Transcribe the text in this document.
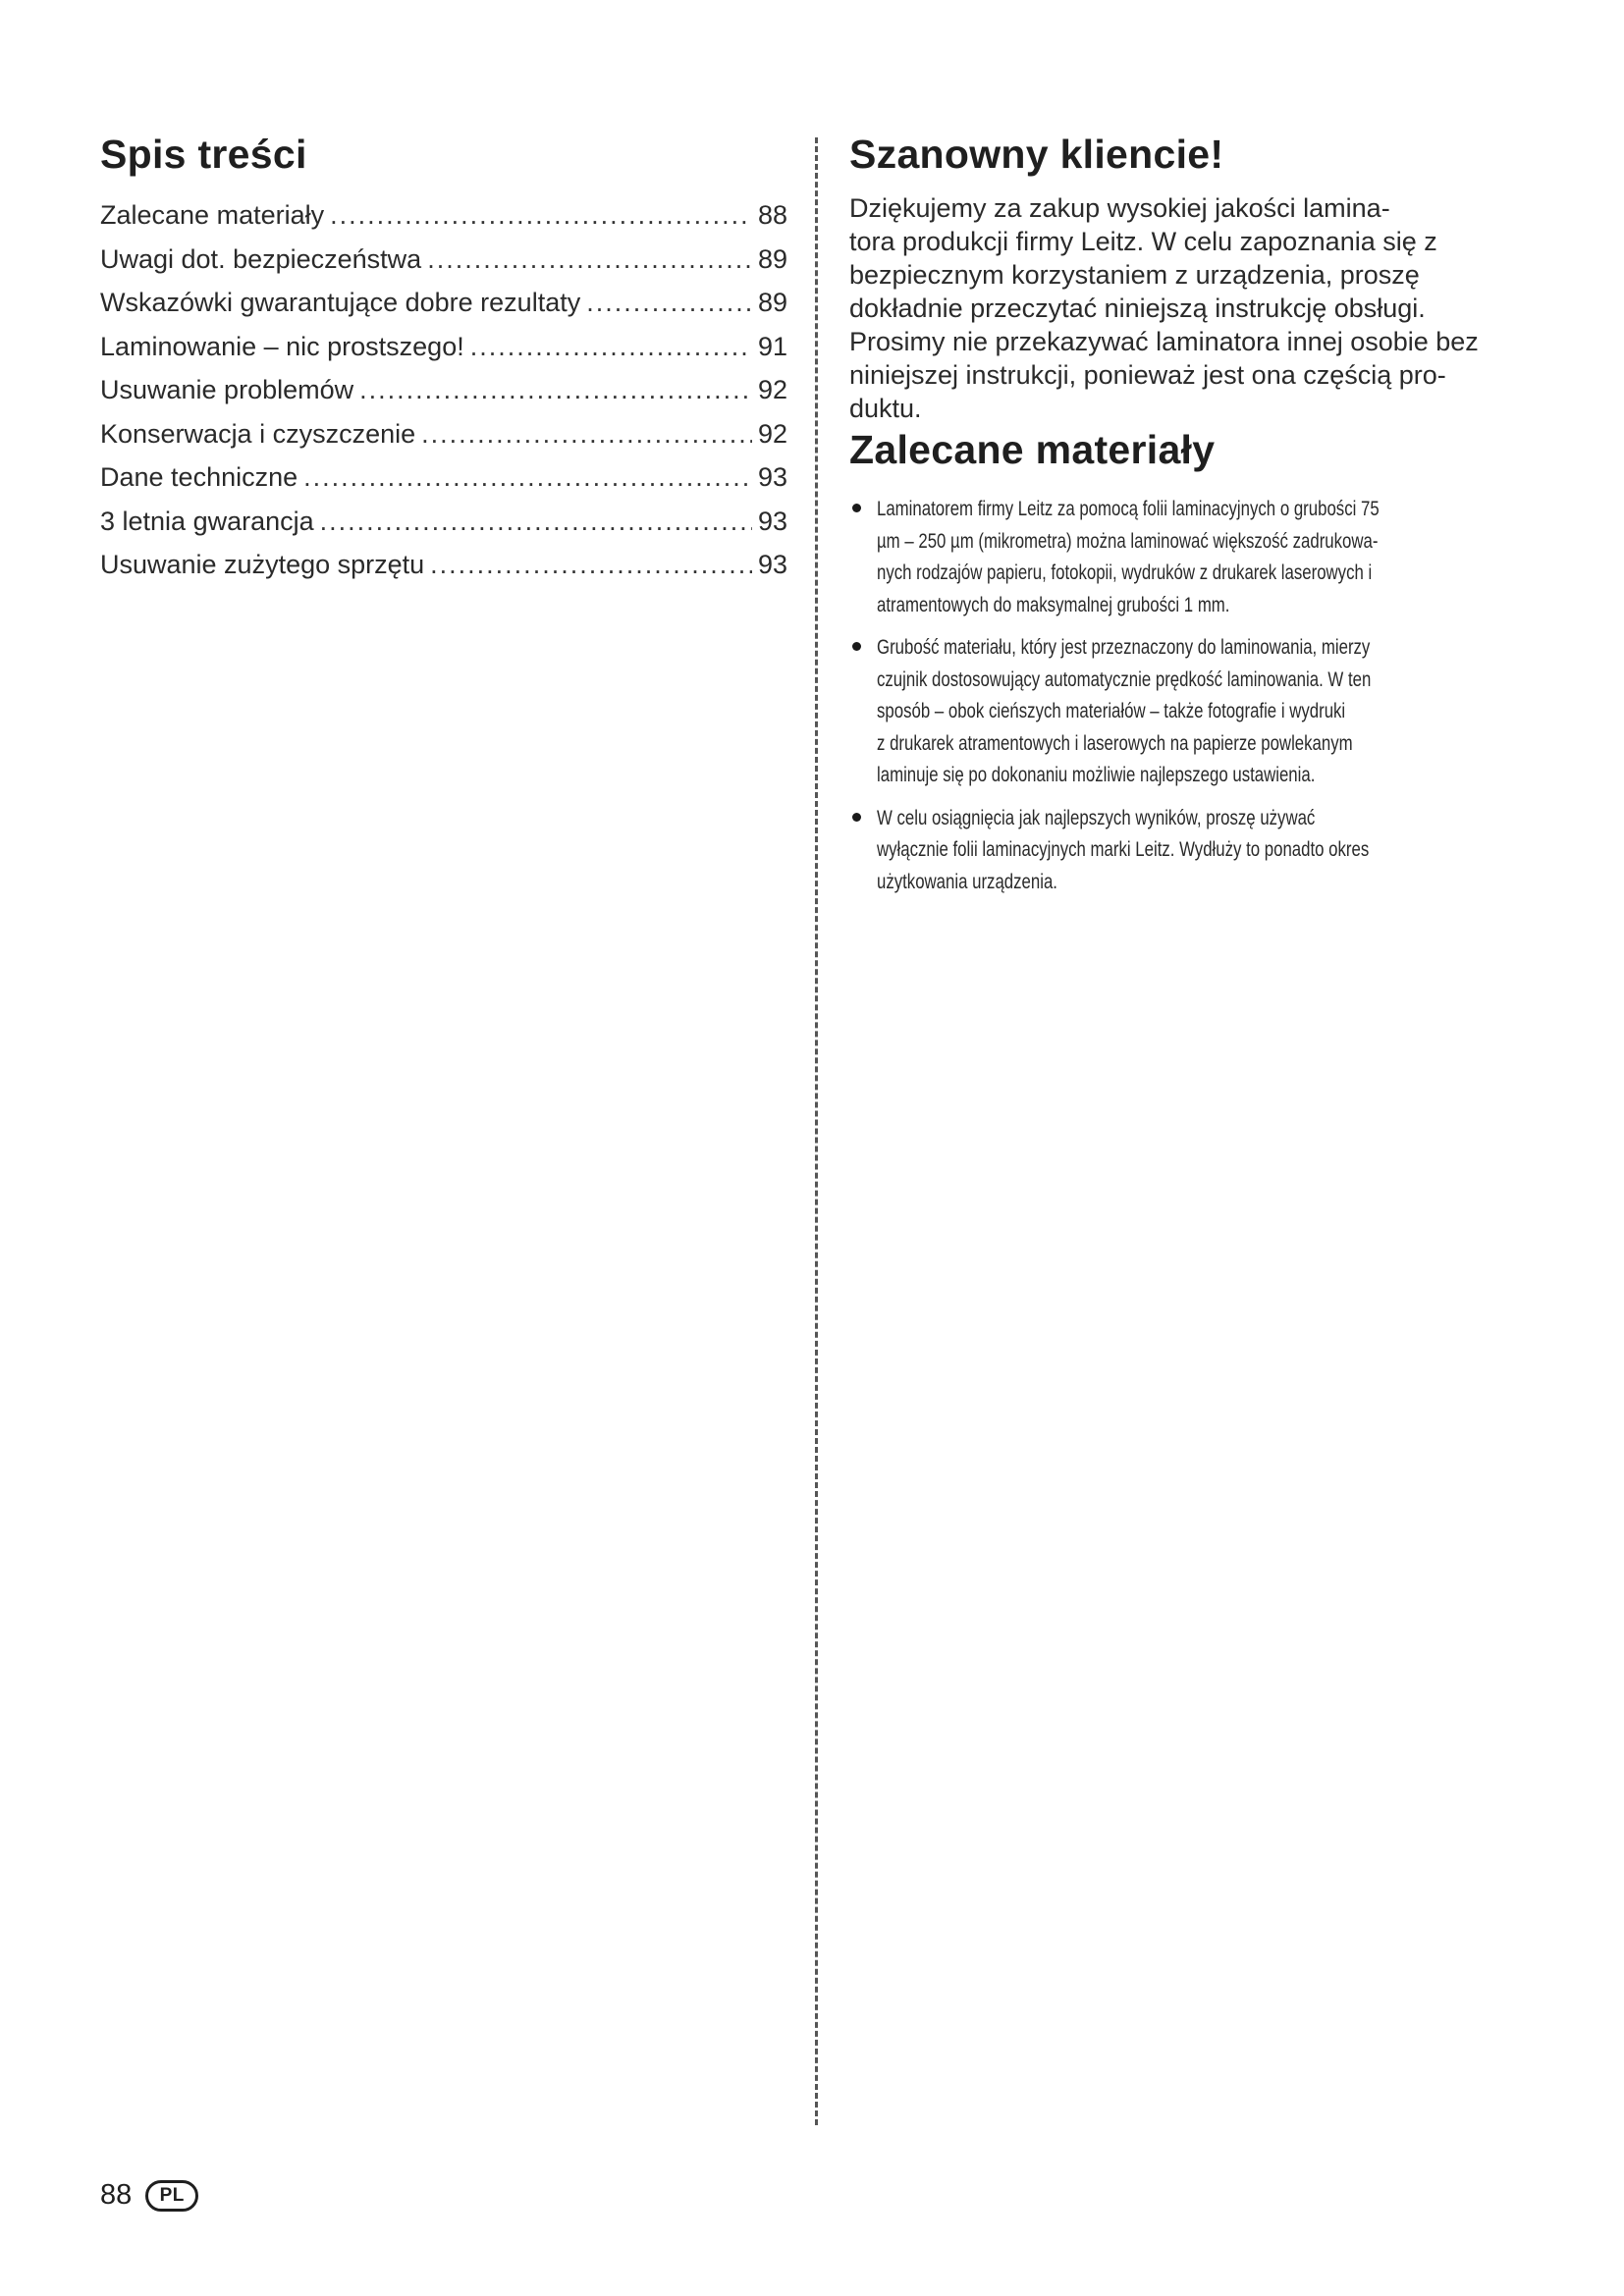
Spis treści
Zalecane materiały .....	88
Uwagi dot. bezpieczeństwa .....	89
Wskazówki gwarantujące dobre rezultaty .....	89
Laminowanie – nic prostszego! .....	91
Usuwanie problemów .....	92
Konserwacja i czyszczenie .....	92
Dane techniczne .....	93
3 letnia gwarancja .....	93
Usuwanie zużytego sprzętu .....	93
Szanowny kliencie!

Dziękujemy za zakup wysokiej jakości lamina-
tora produkcji firmy Leitz. W celu zapoznania się z
bezpiecznym korzystaniem z urządzenia, proszę
dokładnie przeczytać niniejszą instrukcję obsługi.
Prosimy nie przekazywać laminatora innej osobie bez
niniejszej instrukcji, ponieważ jest ona częścią pro-
duktu.

Zalecane materiały
Laminatorem firmy Leitz za pomocą folii laminacyjnych o grubości 75
µm – 250 µm (mikrometra) można laminować większość zadrukowa-
nych rodzajów papieru, fotokopii, wydruków z drukarek laserowych i
atramentowych do maksymalnej grubości 1 mm.
Grubość materiału, który jest przeznaczony do laminowania, mierzy
czujnik dostosowujący automatycznie prędkość laminowania. W ten
sposób – obok cieńszych materiałów – także fotografie i wydruki
z drukarek atramentowych i laserowych na papierze powlekanym
laminuje się po dokonaniu możliwie najlepszego ustawienia.
W celu osiągnięcia jak najlepszych wyników, proszę używać
wyłącznie folii laminacyjnych marki Leitz. Wydłuży to ponadto okres
użytkowania urządzenia.
88	PL
